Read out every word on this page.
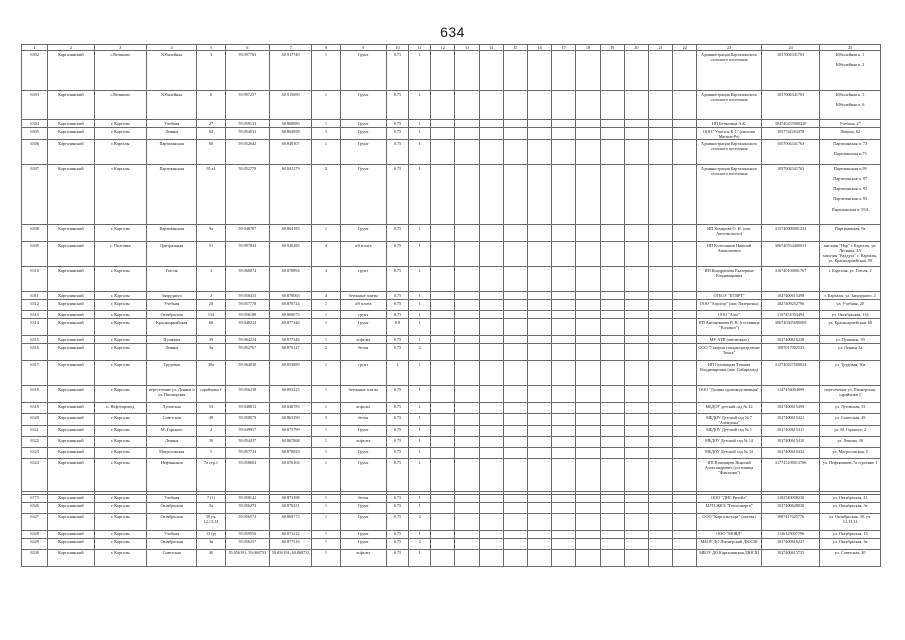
634
1	2	3	4	5	6	7	8	9	10	11	12	13	14	15	16	17	18	19	20	21	22	23	24	25
6302	Карталинский	с.Великово	Юбилейная	3	59.997763	60.917740	1	Грунт	0.75	1												Администрация Карталинского сельского поселения	1057004341763	Юбилейная п. 1

Юбилейная п. 2
6303	Карталинский	с.Великово	Юбилейная	6	59.997257	60.915699	1	Грунт	0.75	1												Администрация Карталинского сельского поселения	1057004341763	Юбилейная п. 5

Юбилейная п. 6
6304	Карталинский	г. Карталы	Учебная	27	59.059133	60.868889	1	Грунт	0.75	1												ИП Бетвалина А.К.	304740235900320	Учебная, 27
6305	Карталинский	г. Карталы	Ленина	62	59.054033	60.864858	3	Грунт	0.75	1												ООО "Участок К-1" (магазин Магнит-Ре)	1057742263478	Ленина, 62
6306	Карталинский	с.Карталы	Партизанская	80	59.052642	60.849307	1	Грунт	0.75	1												Администрация Карталинского сельского поселения	1057004341763	Партизанская п. 73

Партизанская п.75
6307	Карталинский	с.Карталы	Партизанская	95 к1	59.052779	60.841279	2	Грунт	0.75	1												Администрация Карталинского сельского поселения	1057004341763	Партизанская п.99

Партизанская п. 97

Партизанская п. 95

Партизанская п. 93

Партизанская п. 93А
6308	Карталинский	г. Карталы	Партизанская	9а	59.048787	60.864183	1	Грунт	0.75	1												ИП Комарова О. Н. (маг. Автозапчасти)	315740000001232	Партизанская, 9а
6309	Карталинский	с. Полтавка	Центральная	51	59.997834	60.920285	4	а/б плита	0.75	1												ИП Колесников Николай Анатольевич	306740534400031	магазин "Нар" г. Карталы, ул. Лесника, 1А
магазин "Раддуга" с. Карталы, ул. Красноармейская, 59
6310	Карталинский	г. Карталы	Гоголя	2	59.060074	60.870894	4	грунт	0.75	1												ИП Кондратьева Екатерина Владимировна	316740100001767	г. Карталы, ул. Гоголя, 2
6311	Карталинский	г. Карталы	Запрудного	2	59.050433	60.878063	4	бетонные плиты	0.75	1												ОГБОУ "КТВРТ"	1027400615498	г. Карталы, ул. Запрудного, 2
6312	Карталинский	г. Карталы	Учебная	20	59.057778	60.870724	1	а/б плита	0.75	1												ООО "Агрогор" (маг. Пятерочка)	1027409252796	ул. Учебная, 20
6313	Карталинский	г. Карталы	Октябрьская	134	59.056188	60.869075	1	грунт	0.75	1												ООО "Альт"	1167451054494	ул. Октябрьская, 134
6314	Карталинский	г. Карталы	Красноармейская	68	59.048234	60.877346	1	Грунт	0.8	1												ИП Антоненкова В. В. (гостиница "Колокол")	306740305690069	ул. Красноармейская, 68
6315	Карталинский	г. Карталы	Пушкина	39	59.064234	60.877546	1	асфальт	0.75	1												МУ АТП (автовокзал)	1027400616238	ул. Пушкина, 39
6316	Карталинский	г. Карталы	Ленина	3а	59.052767	60.876127	2	бетон	0.75	2												ООО "Газпром газораспределение Томск"	1087017002533	ул. Ленина 3а
6317	Карталинский	г. Карталы	Трудовая	30а	59.064030	60.853889	1	грунт	1	1												ИП Головацкая Татьяна Владимировна (маг. Сибирьмед)	312740427500024	ул. Трудовая, 30а
6318	Карталинский	г. Карталы	пересечение ул. Ленина и ул. Пионерская	сарайчики 1	59.056238	60.893223	1	бетонные плиты	0.75	1												ООО "Долина производственная"	1147456004099	пересечение ул. Пионерская, сарайчики 1
6319	Карталинский	п. Нефтепровод	Луговская	53	59.048813	60.848783	1	асфальт	0.75	1												МБДОУ детский сад № 22	1027400615499	ул. Луговская, 53
6320	Карталинский	г. Карталы	Советская	49	59.058979	60.863299	3	бетон	0.75	1												МБДОУ Детский сад № 7 "Алёнушка"	1027400615421	ул. Советская, 49
6321	Карталинский	г. Карталы	М. Горького	2	59.049957	60.875799	1	Грунт	0.75	1												МБДОУ Детский сад № 1	1027400615411	ул. М. Горького, 2
6322	Карталинский	г. Карталы	Ленина	30	59.054437	60.867868	1	асфальт	0.75	1												МБДОУ Детский сад № 14	1027400615410	ул. Ленина, 30
6323	Карталинский	г. Карталы	Матросовская	5	59.057734	60.870829	1	Грунт	0.75	1												МБДОУ Детский сад № 34	1027400615432	ул. Матросовская, 5
6324	Карталинский	г. Карталы	Нефтяников	7а стр.1	59.058604	60.876104	1	Грунт	0.75	1												ИП Пономарев Николай Александрович (гостиница "Фантазия")	317745100013766	ул. Нефтяников, 7а строение 1

6775	Карталинский	г. Карталы	Учебная	7 (1)	59.058142	60.873398	1	бетон	0.75	1												ООО "ДНС Ритейл"	1102540008230	ул. Октябрьская, 41
6326	Карталинский	г. Карталы	Октябрьская	3а	59.056273	60.876331	1	Грунт	0.75	1												МУП ЖКХ "Теплоэнерго"	1037400628038	ул. Октябрьская, 3а
6327	Карталинский	г. Карталы	Октябрьская	30 уч. 12,13,14	59.056574	60.869775	1	Грунт	0.75	2												ООО "Карталы-торг" (аптека)	1087417025776	ул. Октябрьская, 30, уч. 12,13,14
6328	Карталинский	г. Карталы	Учебная	13 (р)	59.059956	60.871222	1	Грунт	0.75	1												ООО "МОЯЛ"	1126325007796	ул. Октябрьская, 13
6329	Карталинский	г. Карталы	Октябрьская	3в	59.056257	60.877516	1	Грунт	0.75	2												МБОУ ДО Пионерский ДЮСШ	1027400616237	ул. Октябрьская, 3в
6330	Карталинский	г. Карталы	Советская	40	59.056191, 59.060753	59.056191, 60.868733	1	асфальт	0.75	1												МБОУ ДО Карталинская ДЮСШ	1027400615755	ул. Советская, 40
